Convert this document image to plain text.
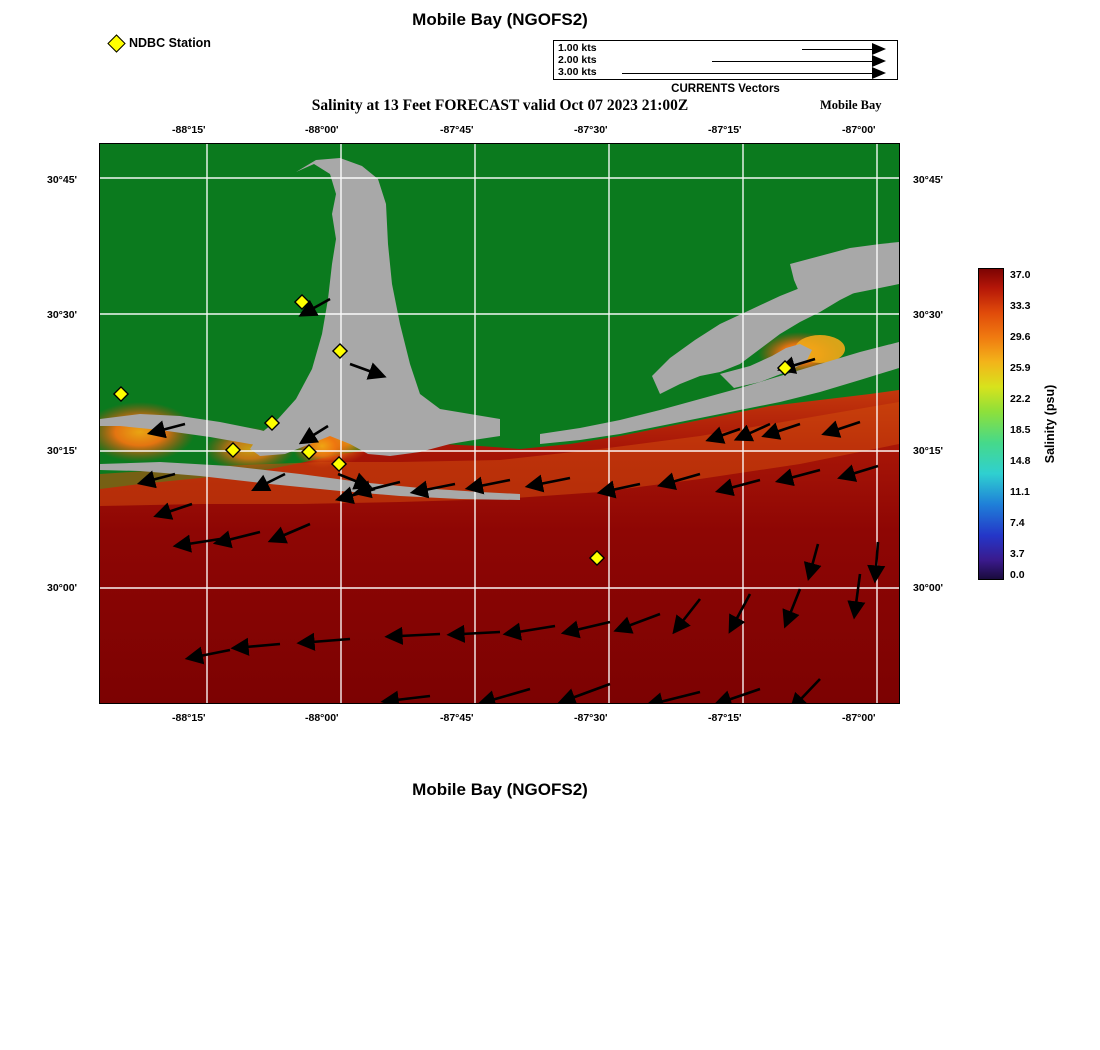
Mobile Bay (NGOFS2)
Salinity at 13 Feet FORECAST valid Oct 07 2023 21:00Z	Mobile Bay
Mobile Bay (NGOFS2)
NDBC Station	1.00 kts
2.00 kts
3.00 kts
CURRENTS Vectors
-88°15'	-88°00'	-87°45'	-87°30'	-87°15'	-87°00'
-88°15'	-88°00'	-87°45'	-87°30'	-87°15'	-87°00'
30°45'
30°30'
30°15'
30°00'
30°45'
30°30'
30°15'
30°00'
37.0
33.3
29.6
25.9
22.2
18.5
14.8
11.1
7.4
3.7
0.0
Salinity (psu)
